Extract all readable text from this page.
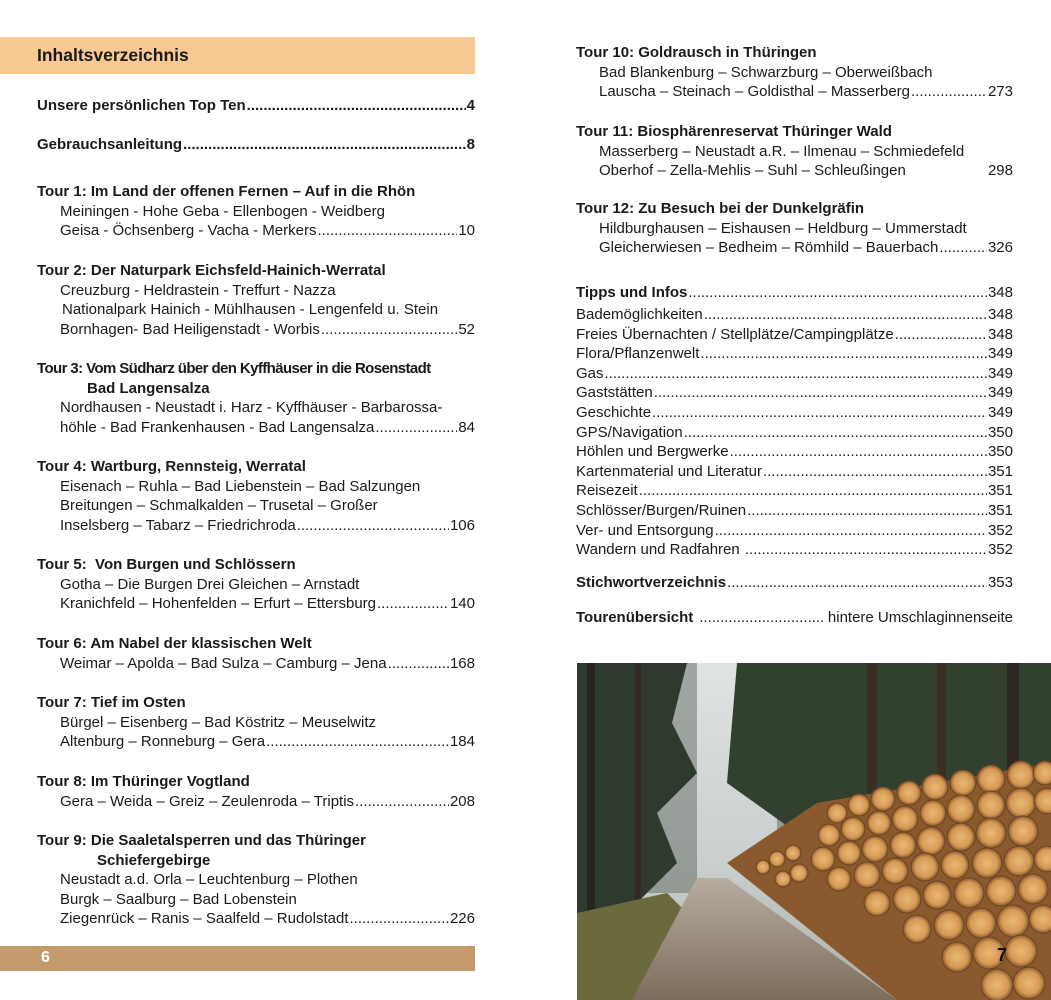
Inhaltsverzeichnis
Unsere persönlichen Top Ten .....	4
Gebrauchsanleitung .....	8
Tour 1: Im Land der offenen Fernen – Auf in die Rhön
Meiningen - Hohe Geba - Ellenbogen - Weidberg
Geisa - Öchsenberg - Vacha - Merkers .....	10
Tour 2: Der Naturpark Eichsfeld-Hainich-Werratal
Creuzburg - Heldrastein - Treffurt - Nazza
Nationalpark Hainich - Mühlhausen - Lengenfeld u. Stein
Bornhagen- Bad Heiligenstadt - Worbis .....	52
Tour 3: Vom Südharz über den Kyffhäuser in die Rosenstadt
Bad Langensalza
Nordhausen - Neustadt i. Harz - Kyffhäuser - Barbarossa-
höhle - Bad Frankenhausen - Bad Langensalza .....	84
Tour 4: Wartburg, Rennsteig, Werratal
Eisenach – Ruhla – Bad Liebenstein – Bad Salzungen
Breitungen – Schmalkalden – Trusetal – Großer
Inselsberg – Tabarz – Friedrichroda .....	106
Tour 5:  Von Burgen und Schlössern
Gotha – Die Burgen Drei Gleichen – Arnstadt
Kranichfeld – Hohenfelden – Erfurt – Ettersburg .....	140
Tour 6: Am Nabel der klassischen Welt
Weimar – Apolda – Bad Sulza – Camburg – Jena .....	168
Tour 7: Tief im Osten
Bürgel – Eisenberg – Bad Köstritz – Meuselwitz
Altenburg – Ronneburg – Gera .....	184
Tour 8: Im Thüringer Vogtland
Gera – Weida – Greiz – Zeulenroda – Triptis .....	208
Tour 9: Die Saaletalsperren und das Thüringer
Schiefergebirge
Neustadt a.d. Orla – Leuchtenburg – Plothen
Burgk – Saalburg – Bad Lobenstein
Ziegenrück – Ranis – Saalfeld – Rudolstadt .....	226
6
Tour 10: Goldrausch in Thüringen
Bad Blankenburg – Schwarzburg – Oberweißbach
Lauscha – Steinach – Goldisthal – Masserberg .....	273
Tour 11: Biosphärenreservat Thüringer Wald
Masserberg – Neustadt a.R. – Ilmenau – Schmiedefeld
Oberhof – Zella-Mehlis – Suhl – Schleußingen	298
Tour 12: Zu Besuch bei der Dunkelgräfin
Hildburghausen – Eishausen – Heldburg – Ummerstadt
Gleicherwiesen – Bedheim – Römhild – Bauerbach .....	326
Tipps und Infos .....	348
Bademöglichkeiten .....	348
Freies Übernachten / Stellplätze/Campingplätze .....	348
Flora/Pflanzenwelt .....	349
Gas .....	349
Gaststätten .....	349
Geschichte .....	349
GPS/Navigation .....	350
Höhlen und Bergwerke .....	350
Kartenmaterial und Literatur .....	351
Reisezeit .....	351
Schlösser/Burgen/Ruinen .....	351
Ver- und Entsorgung .....	352
Wandern und Radfahren .....	352
Stichwortverzeichnis .....	353
Tourenübersicht .....	hintere Umschlaginnenseite
7
